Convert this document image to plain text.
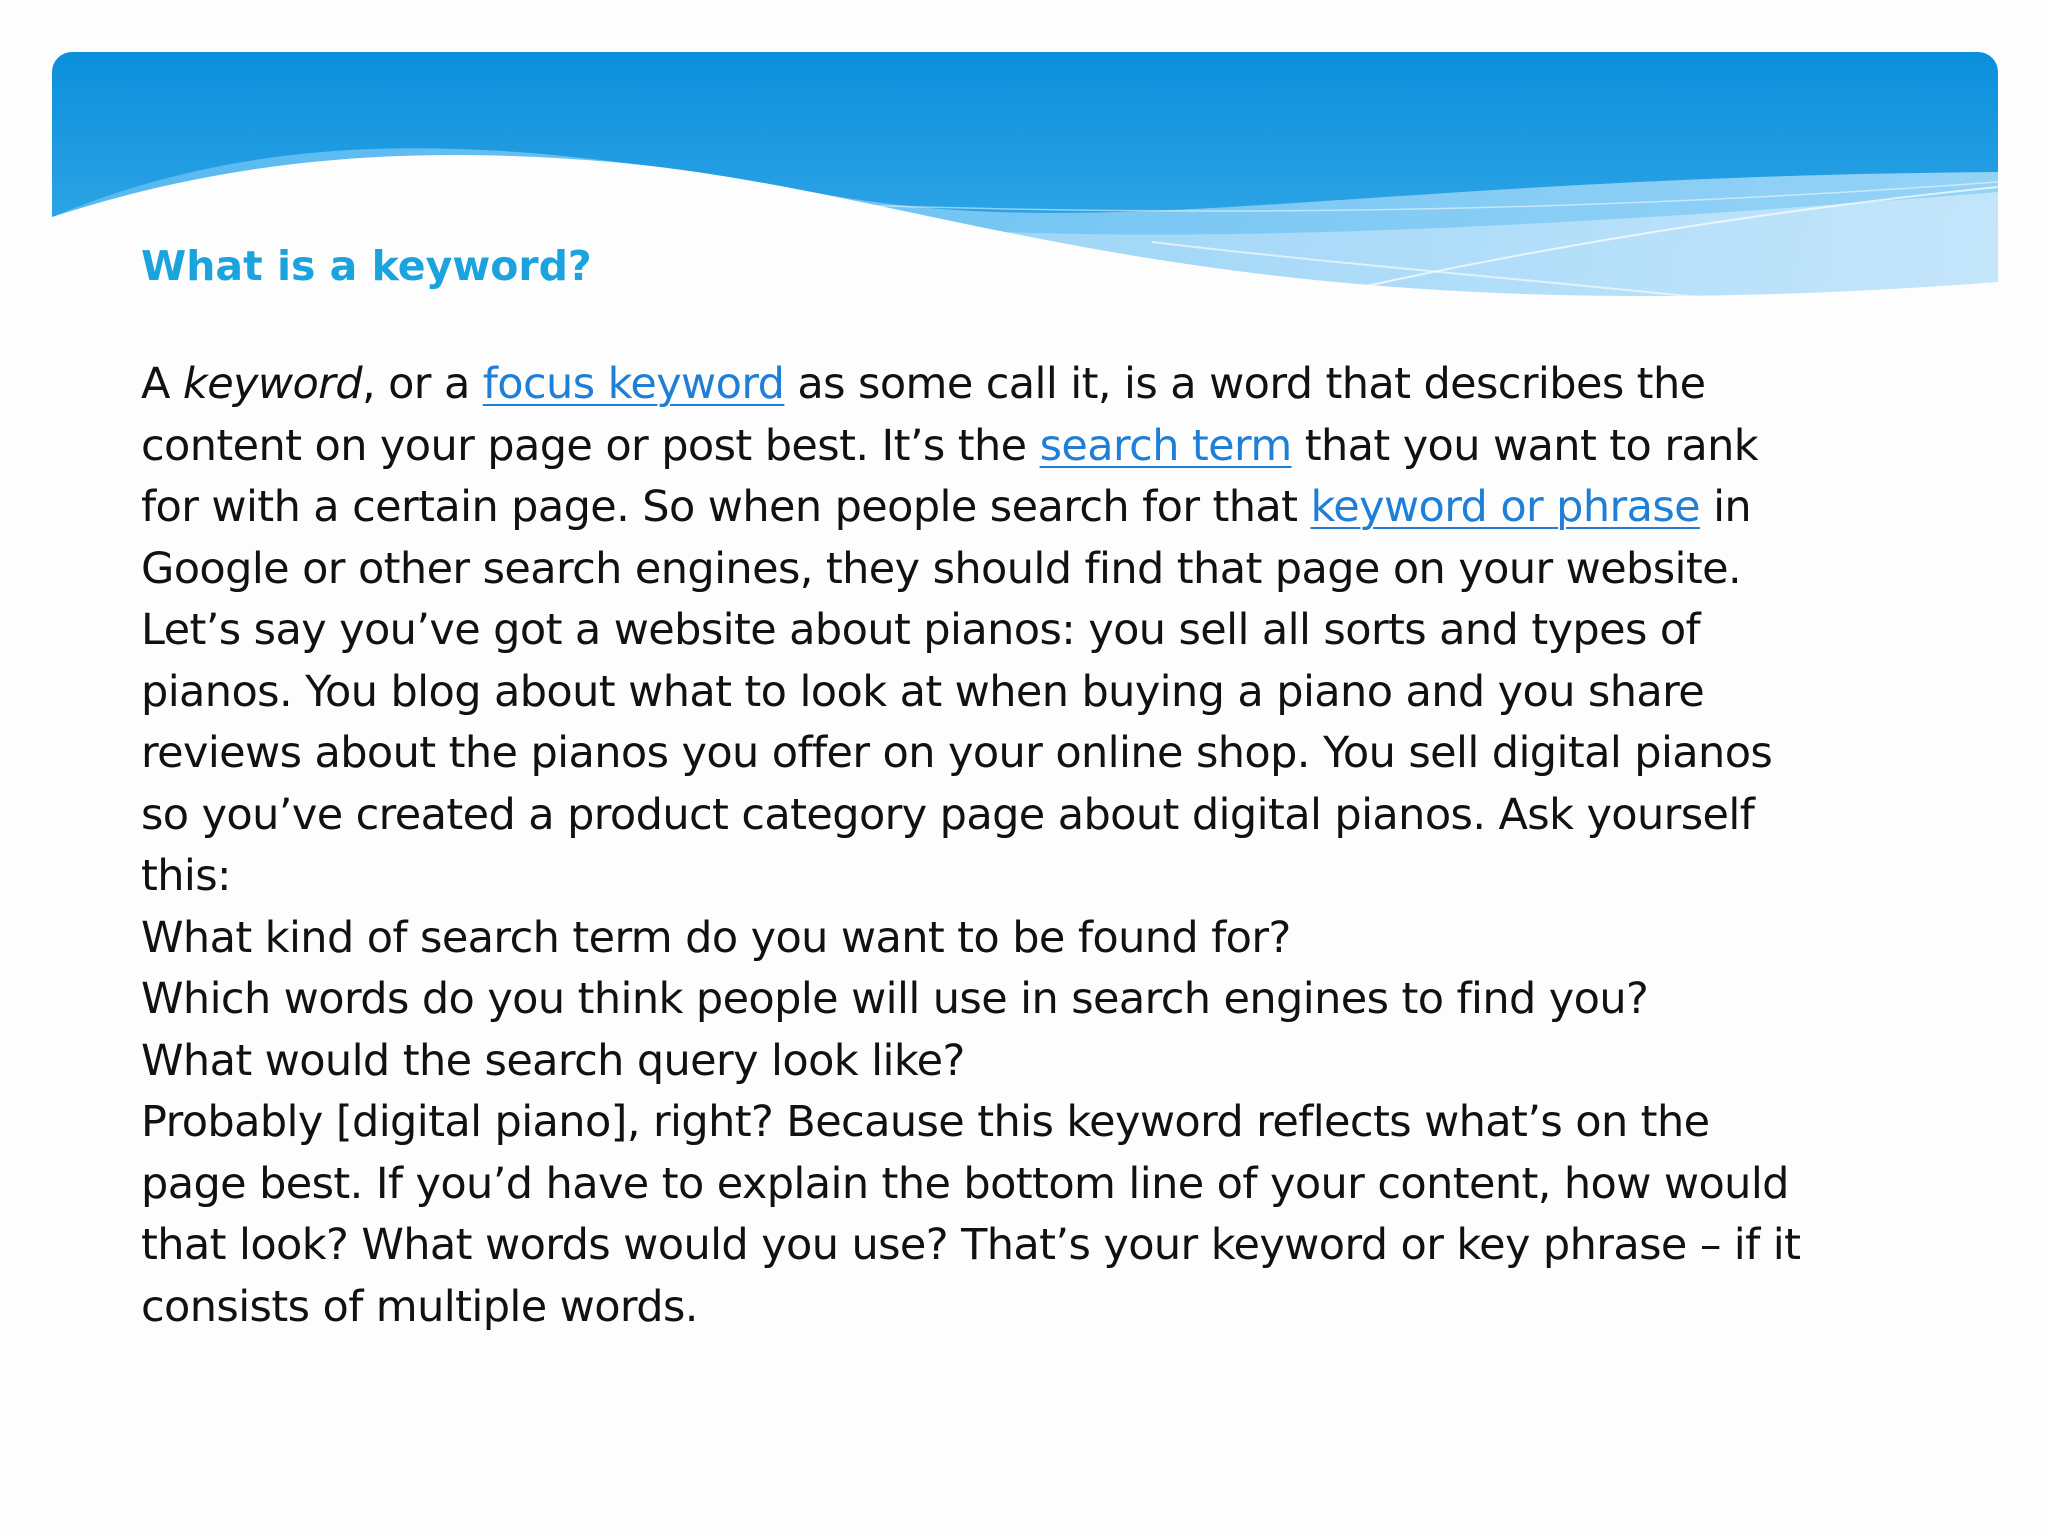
What is a keyword?

A keyword, or a focus keyword as some call it, is a word that describes the
content on your page or post best. It’s the search term that you want to rank
for with a certain page. So when people search for that keyword or phrase in
Google or other search engines, they should find that page on your website.
Let’s say you’ve got a website about pianos: you sell all sorts and types of
pianos. You blog about what to look at when buying a piano and you share
reviews about the pianos you offer on your online shop. You sell digital pianos
so you’ve created a product category page about digital pianos. Ask yourself
this:
What kind of search term do you want to be found for?
Which words do you think people will use in search engines to find you?
What would the search query look like?
Probably [digital piano], right? Because this keyword reflects what’s on the
page best. If you’d have to explain the bottom line of your content, how would
that look? What words would you use? That’s your keyword or key phrase – if it
consists of multiple words.
